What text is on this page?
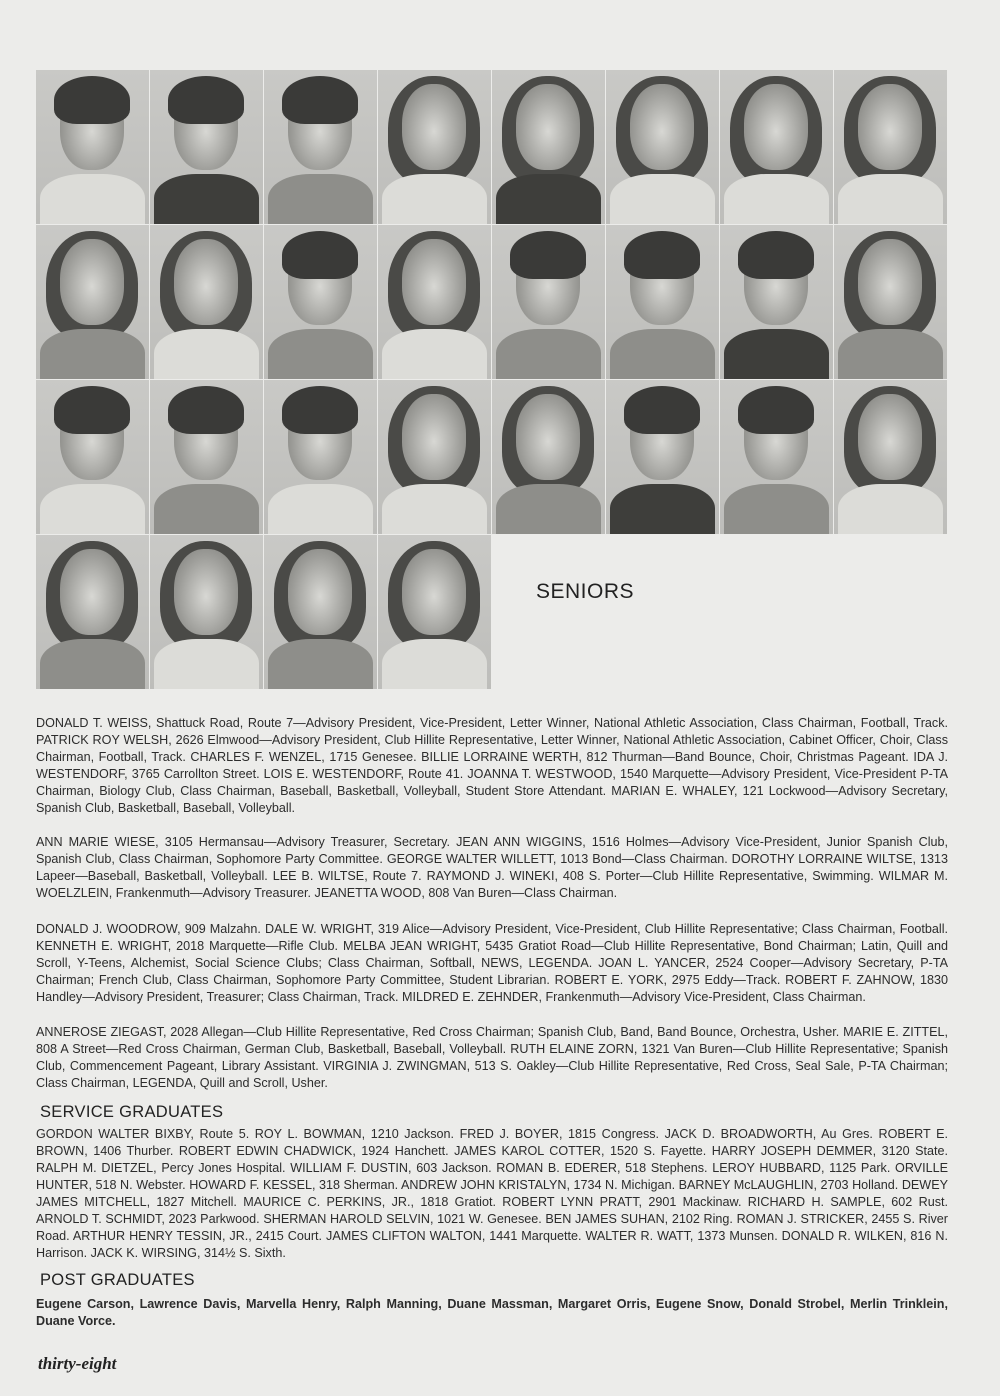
SENIORS
DONALD T. WEISS, Shattuck Road, Route 7—Advisory President, Vice-President, Letter Winner, National Athletic Association, Class Chairman, Football, Track. PATRICK ROY WELSH, 2626 Elmwood—Advisory President, Club Hillite Representative, Letter Winner, National Athletic Association, Cabinet Officer, Choir, Class Chairman, Football, Track. CHARLES F. WENZEL, 1715 Genesee. BILLIE LORRAINE WERTH, 812 Thurman—Band Bounce, Choir, Christmas Pageant. IDA J. WESTENDORF, 3765 Carrollton Street. LOIS E. WESTENDORF, Route 41. JOANNA T. WESTWOOD, 1540 Marquette—Advisory President, Vice-President P-TA Chairman, Biology Club, Class Chairman, Baseball, Basketball, Volleyball, Student Store Attendant. MARIAN E. WHALEY, 121 Lockwood—Advisory Secretary, Spanish Club, Basketball, Baseball, Volleyball.
ANN MARIE WIESE, 3105 Hermansau—Advisory Treasurer, Secretary. JEAN ANN WIGGINS, 1516 Holmes—Advisory Vice-President, Junior Spanish Club, Spanish Club, Class Chairman, Sophomore Party Committee. GEORGE WALTER WILLETT, 1013 Bond—Class Chairman. DOROTHY LORRAINE WILTSE, 1313 Lapeer—Baseball, Basketball, Volleyball. LEE B. WILTSE, Route 7. RAYMOND J. WINEKI, 408 S. Porter—Club Hillite Representative, Swimming. WILMAR M. WOELZLEIN, Frankenmuth—Advisory Treasurer. JEANETTA WOOD, 808 Van Buren—Class Chairman.
DONALD J. WOODROW, 909 Malzahn. DALE W. WRIGHT, 319 Alice—Advisory President, Vice-President, Club Hillite Representative; Class Chairman, Football. KENNETH E. WRIGHT, 2018 Marquette—Rifle Club. MELBA JEAN WRIGHT, 5435 Gratiot Road—Club Hillite Representative, Bond Chairman; Latin, Quill and Scroll, Y-Teens, Alchemist, Social Science Clubs; Class Chairman, Softball, NEWS, LEGENDA. JOAN L. YANCER, 2524 Cooper—Advisory Secretary, P-TA Chairman; French Club, Class Chairman, Sophomore Party Committee, Student Librarian. ROBERT E. YORK, 2975 Eddy—Track. ROBERT F. ZAHNOW, 1830 Handley—Advisory President, Treasurer; Class Chairman, Track. MILDRED E. ZEHNDER, Frankenmuth—Advisory Vice-President, Class Chairman.
ANNEROSE ZIEGAST, 2028 Allegan—Club Hillite Representative, Red Cross Chairman; Spanish Club, Band, Band Bounce, Orchestra, Usher. MARIE E. ZITTEL, 808 A Street—Red Cross Chairman, German Club, Basketball, Baseball, Volleyball. RUTH ELAINE ZORN, 1321 Van Buren—Club Hillite Representative; Spanish Club, Commencement Pageant, Library Assistant. VIRGINIA J. ZWINGMAN, 513 S. Oakley—Club Hillite Representative, Red Cross, Seal Sale, P-TA Chairman; Class Chairman, LEGENDA, Quill and Scroll, Usher.
SERVICE GRADUATES
GORDON WALTER BIXBY, Route 5. ROY L. BOWMAN, 1210 Jackson. FRED J. BOYER, 1815 Congress. JACK D. BROADWORTH, Au Gres. ROBERT E. BROWN, 1406 Thurber. ROBERT EDWIN CHADWICK, 1924 Hanchett. JAMES KAROL COTTER, 1520 S. Fayette. HARRY JOSEPH DEMMER, 3120 State. RALPH M. DIETZEL, Percy Jones Hospital. WILLIAM F. DUSTIN, 603 Jackson. ROMAN B. EDERER, 518 Stephens. LEROY HUBBARD, 1125 Park. ORVILLE HUNTER, 518 N. Webster. HOWARD F. KESSEL, 318 Sherman. ANDREW JOHN KRISTALYN, 1734 N. Michigan. BARNEY McLAUGHLIN, 2703 Holland. DEWEY JAMES MITCHELL, 1827 Mitchell. MAURICE C. PERKINS, JR., 1818 Gratiot. ROBERT LYNN PRATT, 2901 Mackinaw. RICHARD H. SAMPLE, 602 Rust. ARNOLD T. SCHMIDT, 2023 Parkwood. SHERMAN HAROLD SELVIN, 1021 W. Genesee. BEN JAMES SUHAN, 2102 Ring. ROMAN J. STRICKER, 2455 S. River Road. ARTHUR HENRY TESSIN, JR., 2415 Court. JAMES CLIFTON WALTON, 1441 Marquette. WALTER R. WATT, 1373 Munsen. DONALD R. WILKEN, 816 N. Harrison. JACK K. WIRSING, 314½ S. Sixth.
POST GRADUATES
Eugene Carson, Lawrence Davis, Marvella Henry, Ralph Manning, Duane Massman, Margaret Orris, Eugene Snow, Donald Strobel, Merlin Trinklein, Duane Vorce.
thirty-eight
